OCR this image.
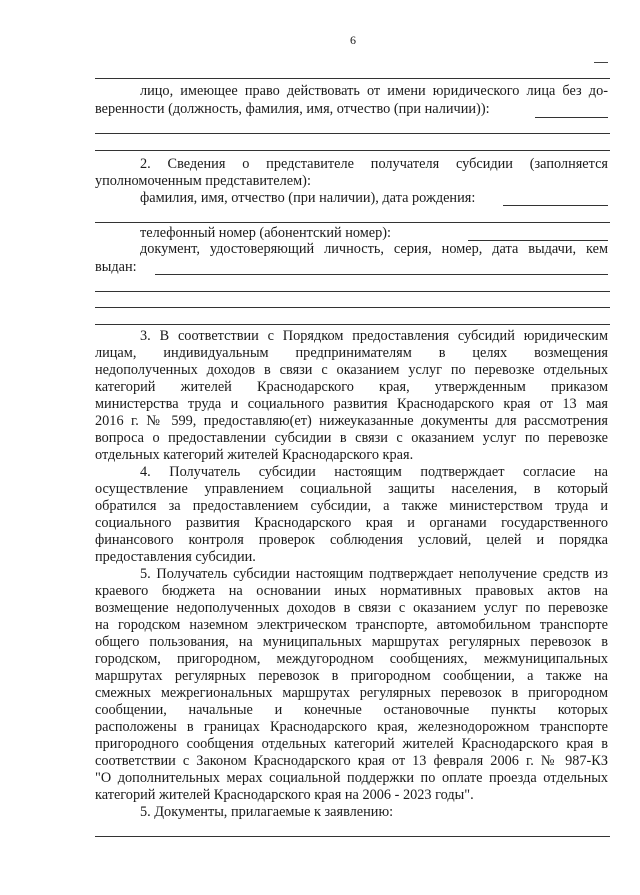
6
лицо, имеющее право действовать от имени юридического лица без до-
веренности (должность, фамилия, имя, отчество (при наличии)):
2. Сведения о представителе получателя субсидии (заполняется
уполномоченным представителем):
фамилия, имя, отчество (при наличии), дата рождения:
телефонный номер (абонентский номер):
документ, удостоверяющий личность, серия, номер, дата выдачи, кем
выдан:
3. В соответствии с Порядком предоставления субсидий юридическим
лицам, индивидуальным предпринимателям в целях возмещения
недополученных доходов в связи с оказанием услуг по перевозке отдельных
категорий жителей Краснодарского края, утвержденным приказом
министерства труда и социального развития Краснодарского края от 13 мая
2016 г. № 599, предоставляю(ет) нижеуказанные документы для рассмотрения
вопроса о предоставлении субсидии в связи с оказанием услуг по перевозке
отдельных категорий жителей Краснодарского края.
4. Получатель субсидии настоящим подтверждает согласие на
осуществление управлением социальной защиты населения, в который
обратился за предоставлением субсидии, а также министерством труда и
социального развития Краснодарского края и органами государственного
финансового контроля проверок соблюдения условий, целей и порядка
предоставления субсидии.
5. Получатель субсидии настоящим подтверждает неполучение средств из
краевого бюджета на основании иных нормативных правовых актов на
возмещение недополученных доходов в связи с оказанием услуг по перевозке
на городском наземном электрическом транспорте, автомобильном транспорте
общего пользования, на муниципальных маршрутах регулярных перевозок в
городском, пригородном, междугородном сообщениях, межмуниципальных
маршрутах регулярных перевозок в пригородном сообщении, а также на
смежных межрегиональных маршрутах регулярных перевозок в пригородном
сообщении, начальные и конечные остановочные пункты которых
расположены в границах Краснодарского края, железнодорожном транспорте
пригородного сообщения отдельных категорий жителей Краснодарского края в
соответствии с Законом Краснодарского края от 13 февраля 2006 г. № 987-КЗ
"О дополнительных мерах социальной поддержки по оплате проезда отдельных
категорий жителей Краснодарского края на 2006 - 2023 годы".
5. Документы, прилагаемые к заявлению:
